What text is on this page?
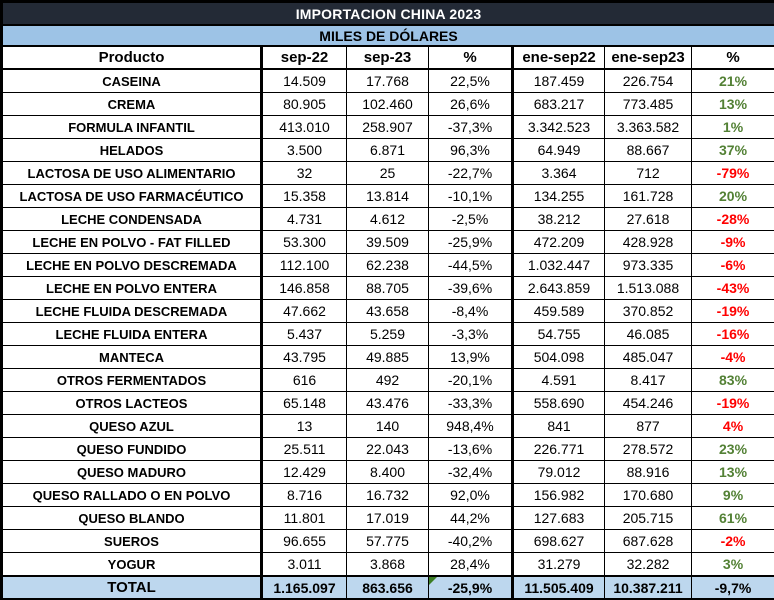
IMPORTACION CHINA 2023						
MILES DE DÓLARES						
Producto	sep-22	sep-23	%	ene-sep22	ene-sep23	%
CASEINA	14.509	17.768	22,5%	187.459	226.754	21%
CREMA	80.905	102.460	26,6%	683.217	773.485	13%
FORMULA INFANTIL	413.010	258.907	-37,3%	3.342.523	3.363.582	1%
HELADOS	3.500	6.871	96,3%	64.949	88.667	37%
LACTOSA DE USO ALIMENTARIO	32	25	-22,7%	3.364	712	-79%
LACTOSA DE USO FARMACÉUTICO	15.358	13.814	-10,1%	134.255	161.728	20%
LECHE CONDENSADA	4.731	4.612	-2,5%	38.212	27.618	-28%
LECHE EN POLVO - FAT FILLED	53.300	39.509	-25,9%	472.209	428.928	-9%
LECHE EN POLVO DESCREMADA	112.100	62.238	-44,5%	1.032.447	973.335	-6%
LECHE EN POLVO ENTERA	146.858	88.705	-39,6%	2.643.859	1.513.088	-43%
LECHE FLUIDA DESCREMADA	47.662	43.658	-8,4%	459.589	370.852	-19%
LECHE FLUIDA ENTERA	5.437	5.259	-3,3%	54.755	46.085	-16%
MANTECA	43.795	49.885	13,9%	504.098	485.047	-4%
OTROS FERMENTADOS	616	492	-20,1%	4.591	8.417	83%
OTROS LACTEOS	65.148	43.476	-33,3%	558.690	454.246	-19%
QUESO AZUL	13	140	948,4%	841	877	4%
QUESO FUNDIDO	25.511	22.043	-13,6%	226.771	278.572	23%
QUESO MADURO	12.429	8.400	-32,4%	79.012	88.916	13%
QUESO RALLADO O EN POLVO	8.716	16.732	92,0%	156.982	170.680	9%
QUESO BLANDO	11.801	17.019	44,2%	127.683	205.715	61%
SUEROS	96.655	57.775	-40,2%	698.627	687.628	-2%
YOGUR	3.011	3.868	28,4%	31.279	32.282	3%
TOTAL	1.165.097	863.656	-25,9%	11.505.409	10.387.211	-9,7%
